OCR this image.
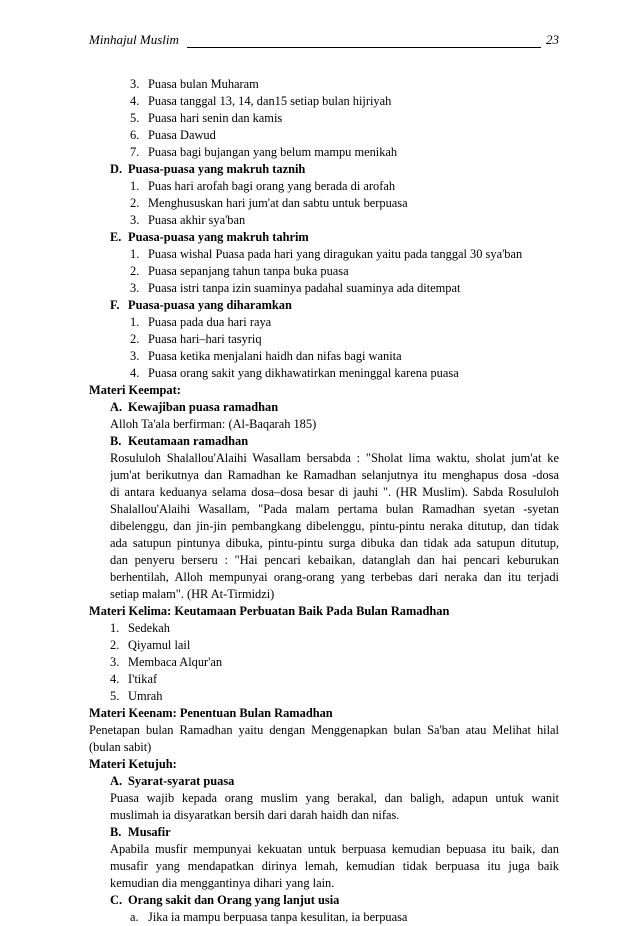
Minhajul Muslim	23
3. Puasa bulan Muharam
4. Puasa tanggal 13, 14, dan15 setiap bulan hijriyah
5. Puasa hari senin dan kamis
6. Puasa Dawud
7. Puasa bagi bujangan yang belum mampu menikah
D. Puasa-puasa yang makruh taznih
1. Puas hari arofah bagi orang yang berada di arofah
2. Menghususkan hari jum'at dan sabtu untuk berpuasa
3. Puasa akhir sya'ban
E. Puasa-puasa yang makruh tahrim
1. Puasa wishal Puasa pada hari yang diragukan yaitu pada tanggal 30 sya'ban
2. Puasa sepanjang tahun tanpa buka puasa
3. Puasa istri tanpa izin suaminya padahal suaminya ada ditempat
F. Puasa-puasa yang diharamkan
1. Puasa pada dua hari raya
2. Puasa hari–hari tasyriq
3. Puasa ketika menjalani haidh dan nifas bagi wanita
4. Puasa orang sakit yang dikhawatirkan meninggal karena puasa
Materi Keempat:
A. Kewajiban puasa ramadhan
Alloh Ta'ala berfirman: (Al-Baqarah 185)
B. Keutamaan ramadhan
Rosululoh Shalallou'Alaihi Wasallam bersabda : "Sholat lima waktu, sholat jum'at ke
jum'at berikutnya dan Ramadhan ke Ramadhan selanjutnya itu menghapus dosa -dosa
di antara keduanya selama dosa–dosa besar di jauhi ". (HR Muslim). Sabda Rosululoh
Shalallou'Alaihi Wasallam, "Pada malam pertama bulan Ramadhan syetan -syetan
dibelenggu, dan jin-jin pembangkang dibelenggu, pintu-pintu neraka ditutup, dan tidak
ada satupun pintunya dibuka, pintu-pintu surga dibuka dan tidak ada satupun ditutup,
dan penyeru berseru : "Hai pencari kebaikan, datanglah dan hai pencari keburukan
berhentilah, Alloh mempunyai orang-orang yang terbebas dari neraka dan itu terjadi
setiap malam". (HR At-Tirmidzi)
Materi Kelima: Keutamaan Perbuatan Baik Pada Bulan Ramadhan
1. Sedekah
2. Qiyamul lail
3. Membaca Alqur'an
4. I'tikaf
5. Umrah
Materi Keenam: Penentuan Bulan Ramadhan
Penetapan bulan Ramadhan yaitu dengan Menggenapkan bulan Sa'ban atau Melihat hilal
(bulan sabit)
Materi Ketujuh:
A. Syarat-syarat puasa
Puasa wajib kepada orang muslim yang berakal, dan baligh, adapun untuk wanit
muslimah ia disyaratkan bersih dari darah haidh dan nifas.
B. Musafir
Apabila musfir mempunyai kekuatan untuk berpuasa kemudian bepuasa itu baik, dan
musafir yang mendapatkan dirinya lemah, kemudian tidak berpuasa itu juga baik
kemudian dia menggantinya dihari yang lain.
C. Orang sakit dan Orang yang lanjut usia
a. Jika ia mampu berpuasa tanpa kesulitan, ia berpuasa
